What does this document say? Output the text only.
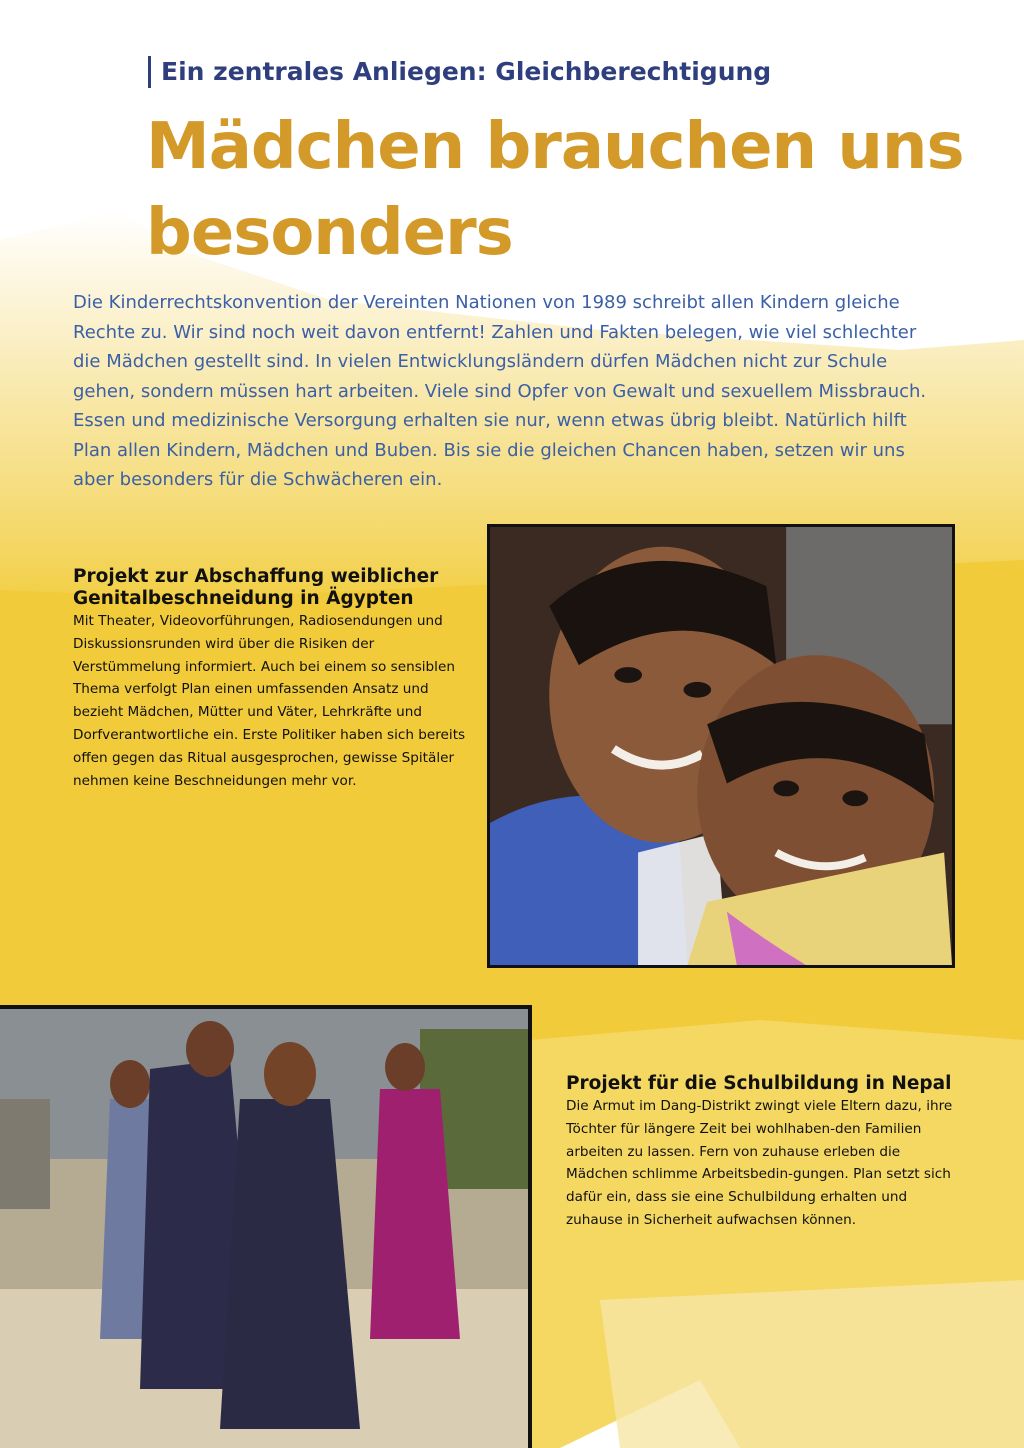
Ein zentrales Anliegen: Gleichberechtigung
Mädchen brauchen uns besonders

Die Kinderrechtskonvention der Vereinten Nationen von 1989 schreibt allen Kindern gleiche Rechte zu. Wir sind noch weit davon entfernt! Zahlen und Fakten belegen, wie viel schlechter die Mädchen gestellt sind. In vielen Entwicklungsländern dürfen Mädchen nicht zur Schule gehen, sondern müssen hart arbeiten. Viele sind Opfer von Gewalt und sexuellem Missbrauch. Essen und medizinische Versorgung erhalten sie nur, wenn etwas übrig bleibt. Natürlich hilft Plan allen Kindern, Mädchen und Buben. Bis sie die gleichen Chancen haben, setzen wir uns aber besonders für die Schwächeren ein.

Projekt zur Abschaffung weiblicher Genitalbeschneidung in Ägypten

Mit Theater, Videovorführungen, Radiosendungen und Diskussionsrunden wird über die Risiken der Verstümmelung informiert. Auch bei einem so sensiblen Thema verfolgt Plan einen umfassenden Ansatz und bezieht Mädchen, Mütter und Väter, Lehrkräfte und Dorfverantwortliche ein. Erste Politiker haben sich bereits offen gegen das Ritual ausgesprochen, gewisse Spitäler nehmen keine Beschneidungen mehr vor.

Projekt für die Schulbildung in Nepal

Die Armut im Dang-Distrikt zwingt viele Eltern dazu, ihre Töchter für längere Zeit bei wohlhaben-den Familien arbeiten zu lassen. Fern von zuhause erleben die Mädchen schlimme Arbeitsbedin-gungen. Plan setzt sich dafür ein, dass sie eine Schulbildung erhalten und zuhause in Sicherheit aufwachsen können.
